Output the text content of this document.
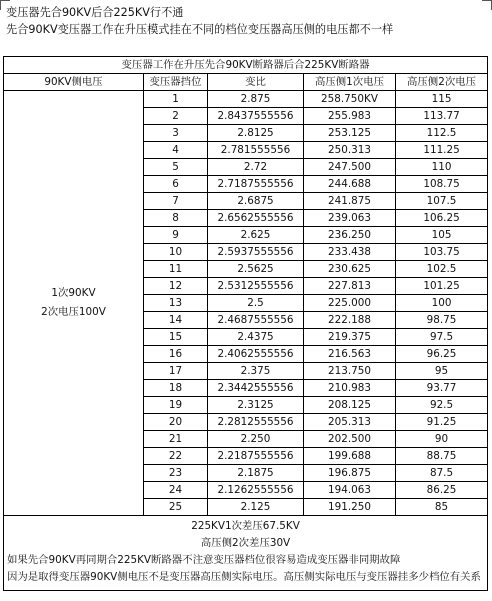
变压器先合90KV后合225KV行不通
先合90KV变压器工作在升压模式挂在不同的档位变压器高压侧的电压都不一样
变压器工作在升压先合90KV断路器后合225KV断路器				
90KV侧电压	变压器挡位	变比	高压侧1次电压	高压侧2次电压

1次90KV
2次电压100V	1	2.875	258.750KV	115
	2	2.8437555556	255.983	113.77
	3	2.8125	253.125	112.5
	4	2.781555556	250.313	111.25
	5	2.72	247.500	110
	6	2.7187555556	244.688	108.75
	7	2.6875	241.875	107.5
	8	2.6562555556	239.063	106.25
	9	2.625	236.250	105
	10	2.5937555556	233.438	103.75
	11	2.5625	230.625	102.5
	12	2.5312555556	227.813	101.25
	13	2.5	225.000	100
	14	2.4687555556	222.188	98.75
	15	2.4375	219.375	97.5
	16	2.4062555556	216.563	96.25
	17	2.375	213.750	95
	18	2.3442555556	210.983	93.77
	19	2.3125	208.125	92.5
	20	2.2812555556	205.313	91.25
	21	2.250	202.500	90
	22	2.2187555556	199.688	88.75
	23	2.1875	196.875	87.5
	24	2.1262555556	194.063	86.25
	25	2.125	191.250	85

225KV1次差压67.5KV
高压侧2次差压30V
如果先合90KV再同期合225KV断路器不注意变压器档位很容易造成变压器非同期故障
因为是取得变压器90KV侧电压不是变压器高压侧实际电压。高压侧实际电压与变压器挂多少档位有关系				
